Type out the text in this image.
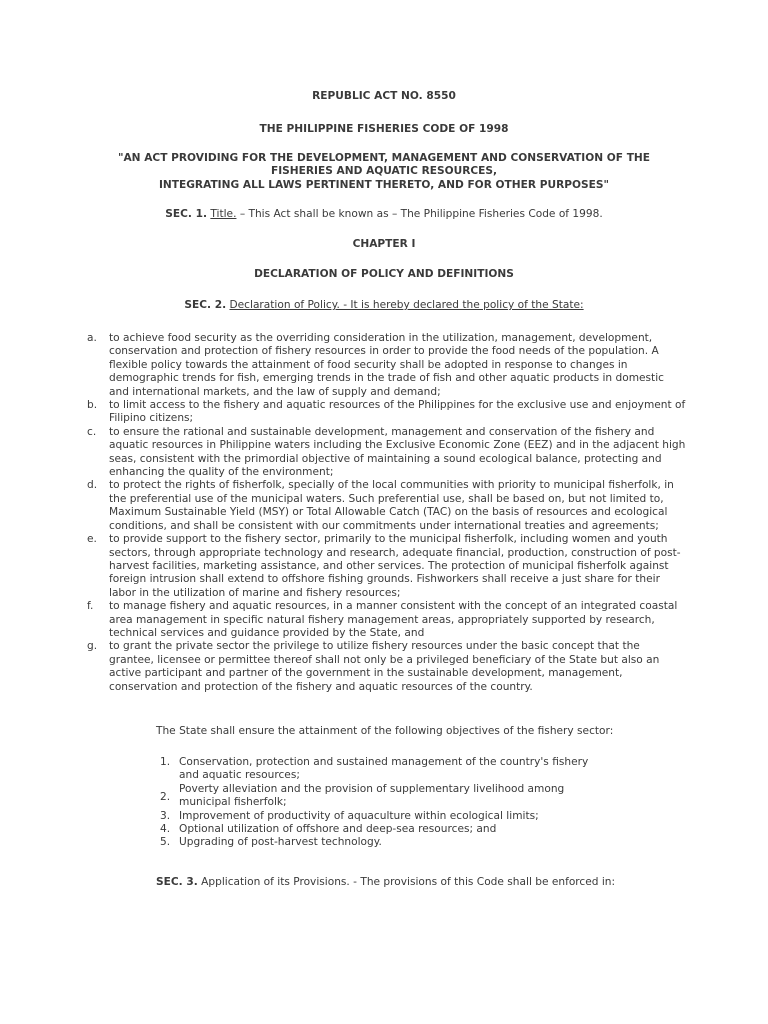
REPUBLIC ACT NO. 8550
THE PHILIPPINE FISHERIES CODE OF 1998
"AN ACT PROVIDING FOR THE DEVELOPMENT, MANAGEMENT AND CONSERVATION OF THE
FISHERIES AND AQUATIC RESOURCES,
INTEGRATING ALL LAWS PERTINENT THERETO, AND FOR OTHER PURPOSES"
SEC. 1. Title. – This Act shall be known as – The Philippine Fisheries Code of 1998.
CHAPTER I
DECLARATION OF POLICY AND DEFINITIONS
SEC. 2. Declaration of Policy. - It is hereby declared the policy of the State:
a. to achieve food security as the overriding consideration in the utilization, management, development, conservation and protection of fishery resources in order to provide the food needs of the population. A flexible policy towards the attainment of food security shall be adopted in response to changes in demographic trends for fish, emerging trends in the trade of fish and other aquatic products in domestic and international markets, and the law of supply and demand;
b. to limit access to the fishery and aquatic resources of the Philippines for the exclusive use and enjoyment of Filipino citizens;
c. to ensure the rational and sustainable development, management and conservation of the fishery and aquatic resources in Philippine waters including the Exclusive Economic Zone (EEZ) and in the adjacent high seas, consistent with the primordial objective of maintaining a sound ecological balance, protecting and enhancing the quality of the environment;
d. to protect the rights of fisherfolk, specially of the local communities with priority to municipal fisherfolk, in the preferential use of the municipal waters. Such preferential use, shall be based on, but not limited to, Maximum Sustainable Yield (MSY) or Total Allowable Catch (TAC) on the basis of resources and ecological conditions, and shall be consistent with our commitments under international treaties and agreements;
e. to provide support to the fishery sector, primarily to the municipal fisherfolk, including women and youth sectors, through appropriate technology and research, adequate financial, production, construction of post-harvest facilities, marketing assistance, and other services. The protection of municipal fisherfolk against foreign intrusion shall extend to offshore fishing grounds. Fishworkers shall receive a just share for their labor in the utilization of marine and fishery resources;
f. to manage fishery and aquatic resources, in a manner consistent with the concept of an integrated coastal area management in specific natural fishery management areas, appropriately supported by research, technical services and guidance provided by the State, and
g. to grant the private sector the privilege to utilize fishery resources under the basic concept that the grantee, licensee or permittee thereof shall not only be a privileged beneficiary of the State but also an active participant and partner of the government in the sustainable development, management, conservation and protection of the fishery and aquatic resources of the country.
The State shall ensure the attainment of the following objectives of the fishery sector:
1. Conservation, protection and sustained management of the country's fishery and aquatic resources;
2.
Poverty alleviation and the provision of supplementary livelihood among municipal fisherfolk;
3. Improvement of productivity of aquaculture within ecological limits;
4. Optional utilization of offshore and deep-sea resources; and
5. Upgrading of post-harvest technology.
SEC. 3. Application of its Provisions. - The provisions of this Code shall be enforced in:
